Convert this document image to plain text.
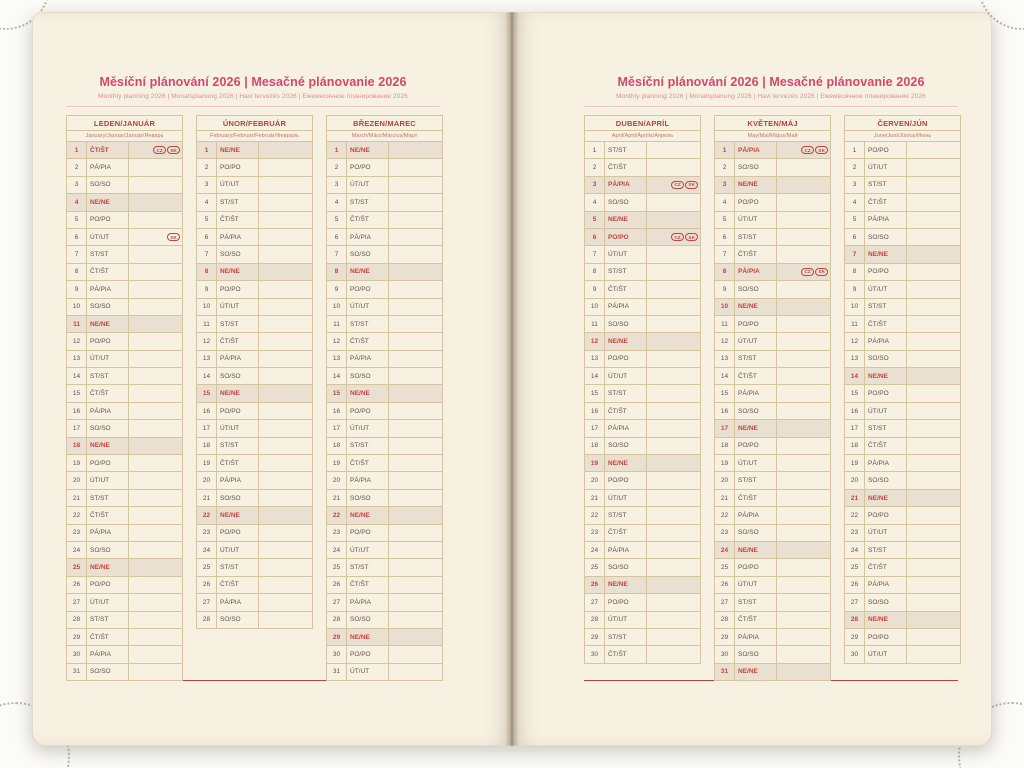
Měsíční plánování 2026 | Mesačné plánovanie 2026
Monthly planning 2026 | Monatsplanung 2026 | Havi tervezés 2026 | Ежемесячное планирование 2026
LEDEN/JANUÁR		
January/Januar/Január/Январь		
1	ČT/ŠT	CZ SK
2	PÁ/PIA	
3	SO/SO	
4	NE/NE	
5	PO/PO	
6	ÚT/UT	SK
7	ST/ST	
8	ČT/ŠT	
9	PÁ/PIA	
10	SO/SO	
11	NE/NE	
12	PO/PO	
13	ÚT/UT	
14	ST/ST	
15	ČT/ŠT	
16	PÁ/PIA	
17	SO/SO	
18	NE/NE	
19	PO/PO	
20	ÚT/UT	
21	ST/ST	
22	ČT/ŠT	
23	PÁ/PIA	
24	SO/SO	
25	NE/NE	
26	PO/PO	
27	ÚT/UT	
28	ST/ST	
29	ČT/ŠT	
30	PÁ/PIA	
31	SO/SO	
ÚNOR/FEBRUÁR		
February/Februar/Február/Февраль		
1	NE/NE	
2	PO/PO	
3	ÚT/UT	
4	ST/ST	
5	ČT/ŠT	
6	PÁ/PIA	
7	SO/SO	
8	NE/NE	
9	PO/PO	
10	ÚT/UT	
11	ST/ST	
12	ČT/ŠT	
13	PÁ/PIA	
14	SO/SO	
15	NE/NE	
16	PO/PO	
17	ÚT/UT	
18	ST/ST	
19	ČT/ŠT	
20	PÁ/PIA	
21	SO/SO	
22	NE/NE	
23	PO/PO	
24	ÚT/UT	
25	ST/ST	
26	ČT/ŠT	
27	PÁ/PIA	
28	SO/SO	
BŘEZEN/MAREC		
March/März/Március/Март		
1	NE/NE	
2	PO/PO	
3	ÚT/UT	
4	ST/ST	
5	ČT/ŠT	
6	PÁ/PIA	
7	SO/SO	
8	NE/NE	
9	PO/PO	
10	ÚT/UT	
11	ST/ST	
12	ČT/ŠT	
13	PÁ/PIA	
14	SO/SO	
15	NE/NE	
16	PO/PO	
17	ÚT/UT	
18	ST/ST	
19	ČT/ŠT	
20	PÁ/PIA	
21	SO/SO	
22	NE/NE	
23	PO/PO	
24	ÚT/UT	
25	ST/ST	
26	ČT/ŠT	
27	PÁ/PIA	
28	SO/SO	
29	NE/NE	
30	PO/PO	
31	ÚT/UT	
Měsíční plánování 2026 | Mesačné plánovanie 2026
Monthly planning 2026 | Monatsplanung 2026 | Havi tervezés 2026 | Ежемесячное планирование 2026
DUBEN/APRÍL		
April/April/Április/Апрель		
1	ST/ST	
2	ČT/ŠT	
3	PÁ/PIA	CZ SK
4	SO/SO	
5	NE/NE	
6	PO/PO	CZ SK
7	ÚT/UT	
8	ST/ST	
9	ČT/ŠT	
10	PÁ/PIA	
11	SO/SO	
12	NE/NE	
13	PO/PO	
14	ÚT/UT	
15	ST/ST	
16	ČT/ŠT	
17	PÁ/PIA	
18	SO/SO	
19	NE/NE	
20	PO/PO	
21	ÚT/UT	
22	ST/ST	
23	ČT/ŠT	
24	PÁ/PIA	
25	SO/SO	
26	NE/NE	
27	PO/PO	
28	ÚT/UT	
29	ST/ST	
30	ČT/ŠT	
KVĚTEN/MÁJ		
May/Mai/Május/Май		
1	PÁ/PIA	CZ SK
2	SO/SO	
3	NE/NE	
4	PO/PO	
5	ÚT/UT	
6	ST/ST	
7	ČT/ŠT	
8	PÁ/PIA	CZ SK
9	SO/SO	
10	NE/NE	
11	PO/PO	
12	ÚT/UT	
13	ST/ST	
14	ČT/ŠT	
15	PÁ/PIA	
16	SO/SO	
17	NE/NE	
18	PO/PO	
19	ÚT/UT	
20	ST/ST	
21	ČT/ŠT	
22	PÁ/PIA	
23	SO/SO	
24	NE/NE	
25	PO/PO	
26	ÚT/UT	
27	ST/ST	
28	ČT/ŠT	
29	PÁ/PIA	
30	SO/SO	
31	NE/NE	
ČERVEN/JÚN		
June/Juni/Június/Июнь		
1	PO/PO	
2	ÚT/UT	
3	ST/ST	
4	ČT/ŠT	
5	PÁ/PIA	
6	SO/SO	
7	NE/NE	
8	PO/PO	
9	ÚT/UT	
10	ST/ST	
11	ČT/ŠT	
12	PÁ/PIA	
13	SO/SO	
14	NE/NE	
15	PO/PO	
16	ÚT/UT	
17	ST/ST	
18	ČT/ŠT	
19	PÁ/PIA	
20	SO/SO	
21	NE/NE	
22	PO/PO	
23	ÚT/UT	
24	ST/ST	
25	ČT/ŠT	
26	PÁ/PIA	
27	SO/SO	
28	NE/NE	
29	PO/PO	
30	ÚT/UT	
